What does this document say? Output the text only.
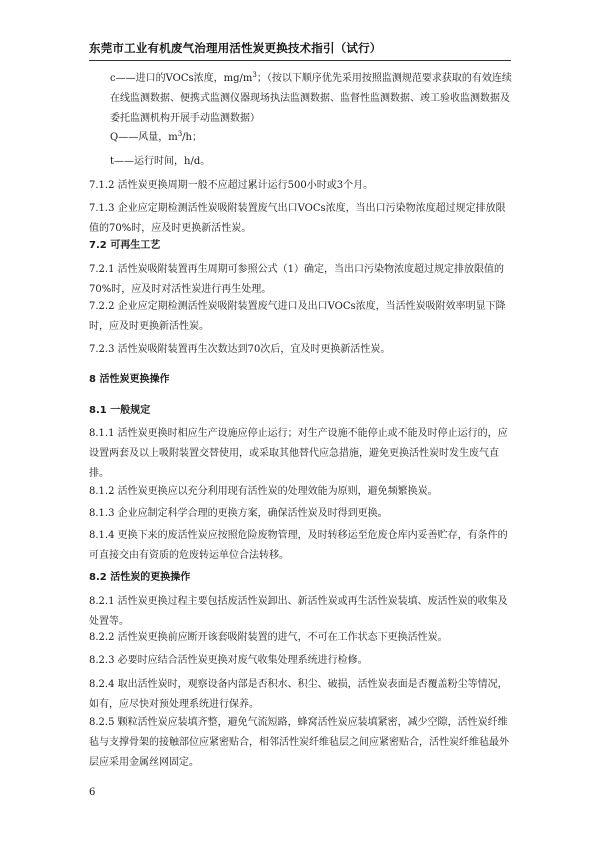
东莞市工业有机废气治理用活性炭更换技术指引（试行）

c——进口的VOCs浓度，$mg/m^3$；（按以下顺序优先采用按照监测规范要求获取的有效连续在线监测数据、便携式监测仪器现场执法监测数据、监督性监测数据、竣工验收监测数据及委托监测机构开展手动监测数据）

Q——风量，$m^3/h$；

t——运行时间，h/d。

7.1.2 活性炭更换周期一般不应超过累计运行500小时或3个月。

7.1.3 企业应定期检测活性炭吸附装置废气出口VOCs浓度，当出口污染物浓度超过规定排放限值的70%时，应及时更换新活性炭。

7.2 可再生工艺

7.2.1 活性炭吸附装置再生周期可参照公式（1）确定，当出口污染物浓度超过规定排放限值的70%时，应及时对活性炭进行再生处理。

7.2.2 企业应定期检测活性炭吸附装置废气进口及出口VOCs浓度，当活性炭吸附效率明显下降时，应及时更换新活性炭。

7.2.3 活性炭吸附装置再生次数达到70次后，宜及时更换新活性炭。

8 活性炭更换操作

8.1 一般规定

8.1.1 活性炭更换时相应生产设施应停止运行；对生产设施不能停止或不能及时停止运行的，应设置两套及以上吸附装置交替使用，或采取其他替代应急措施，避免更换活性炭时发生废气直排。

8.1.2 活性炭更换应以充分利用现有活性炭的处理效能为原则，避免频繁换炭。

8.1.3 企业应制定科学合理的更换方案，确保活性炭及时得到更换。

8.1.4 更换下来的废活性炭应按照危险废物管理，及时转移运至危废仓库内妥善贮存，有条件的可直接交由有资质的危废转运单位合法转移。

8.2 活性炭的更换操作

8.2.1 活性炭更换过程主要包括废活性炭卸出、新活性炭或再生活性炭装填、废活性炭的收集及处置等。

8.2.2 活性炭更换前应断开该套吸附装置的进气，不可在工作状态下更换活性炭。

8.2.3 必要时应结合活性炭更换对废气收集处理系统进行检修。

8.2.4 取出活性炭时，观察设备内部是否积水、积尘、破损，活性炭表面是否覆盖粉尘等情况，如有，应尽快对预处理系统进行保养。

8.2.5 颗粒活性炭应装填齐整，避免气流短路，蜂窝活性炭应装填紧密，减少空隙，活性炭纤维毡与支撑骨架的接触部位应紧密贴合，相邻活性炭纤维毡层之间应紧密贴合，活性炭纤维毡最外层应采用金属丝网固定。

6
